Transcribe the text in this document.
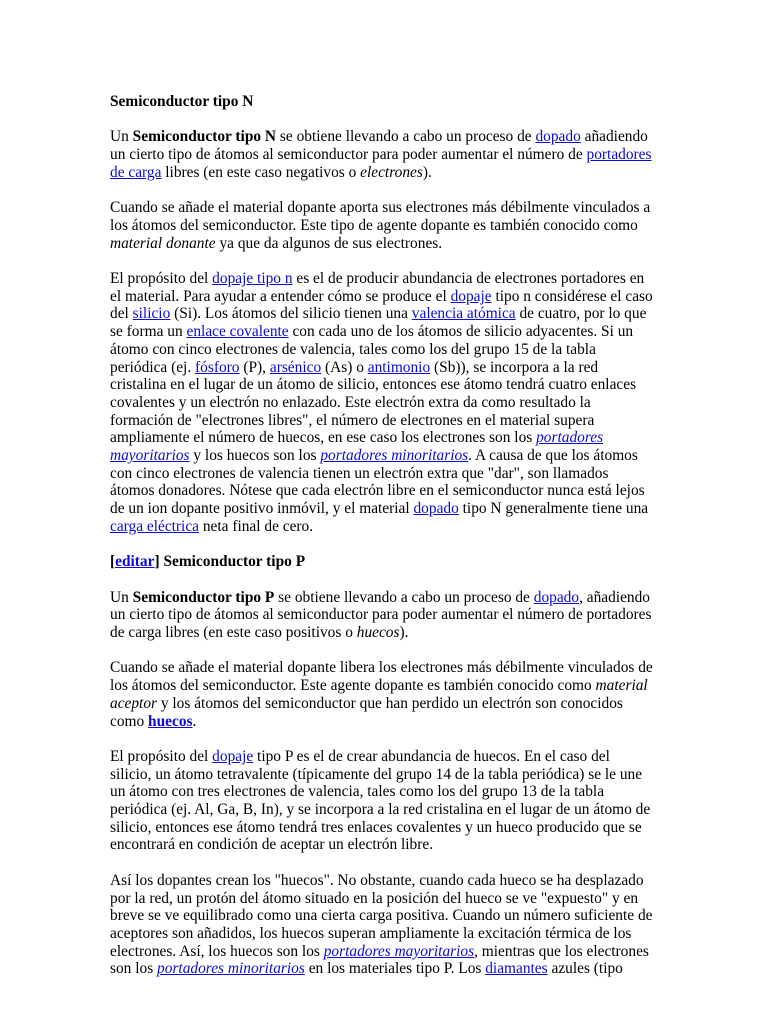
Semiconductor tipo N

Un Semiconductor tipo N se obtiene llevando a cabo un proceso de dopado añadiendo
un cierto tipo de átomos al semiconductor para poder aumentar el número de portadores
de carga libres (en este caso negativos o electrones).

Cuando se añade el material dopante aporta sus electrones más débilmente vinculados a
los átomos del semiconductor. Este tipo de agente dopante es también conocido como
material donante ya que da algunos de sus electrones.

El propósito del dopaje tipo n es el de producir abundancia de electrones portadores en
el material. Para ayudar a entender cómo se produce el dopaje tipo n considérese el caso
del silicio (Si). Los átomos del silicio tienen una valencia atómica de cuatro, por lo que
se forma un enlace covalente con cada uno de los átomos de silicio adyacentes. Si un
átomo con cinco electrones de valencia, tales como los del grupo 15 de la tabla
periódica (ej. fósforo (P), arsénico (As) o antimonio (Sb)), se incorpora a la red
cristalina en el lugar de un átomo de silicio, entonces ese átomo tendrá cuatro enlaces
covalentes y un electrón no enlazado. Este electrón extra da como resultado la
formación de "electrones libres", el número de electrones en el material supera
ampliamente el número de huecos, en ese caso los electrones son los portadores
mayoritarios y los huecos son los portadores minoritarios. A causa de que los átomos
con cinco electrones de valencia tienen un electrón extra que "dar", son llamados
átomos donadores. Nótese que cada electrón libre en el semiconductor nunca está lejos
de un ion dopante positivo inmóvil, y el material dopado tipo N generalmente tiene una
carga eléctrica neta final de cero.

[editar] Semiconductor tipo P

Un Semiconductor tipo P se obtiene llevando a cabo un proceso de dopado, añadiendo
un cierto tipo de átomos al semiconductor para poder aumentar el número de portadores
de carga libres (en este caso positivos o huecos).

Cuando se añade el material dopante libera los electrones más débilmente vinculados de
los átomos del semiconductor. Este agente dopante es también conocido como material
aceptor y los átomos del semiconductor que han perdido un electrón son conocidos
como huecos.

El propósito del dopaje tipo P es el de crear abundancia de huecos. En el caso del
silicio, un átomo tetravalente (típicamente del grupo 14 de la tabla periódica) se le une
un átomo con tres electrones de valencia, tales como los del grupo 13 de la tabla
periódica (ej. Al, Ga, B, In), y se incorpora a la red cristalina en el lugar de un átomo de
silicio, entonces ese átomo tendrá tres enlaces covalentes y un hueco producido que se
encontrará en condición de aceptar un electrón libre.

Así los dopantes crean los "huecos". No obstante, cuando cada hueco se ha desplazado
por la red, un protón del átomo situado en la posición del hueco se ve "expuesto" y en
breve se ve equilibrado como una cierta carga positiva. Cuando un número suficiente de
aceptores son añadidos, los huecos superan ampliamente la excitación térmica de los
electrones. Así, los huecos son los portadores mayoritarios, mientras que los electrones
son los portadores minoritarios en los materiales tipo P. Los diamantes azules (tipo
